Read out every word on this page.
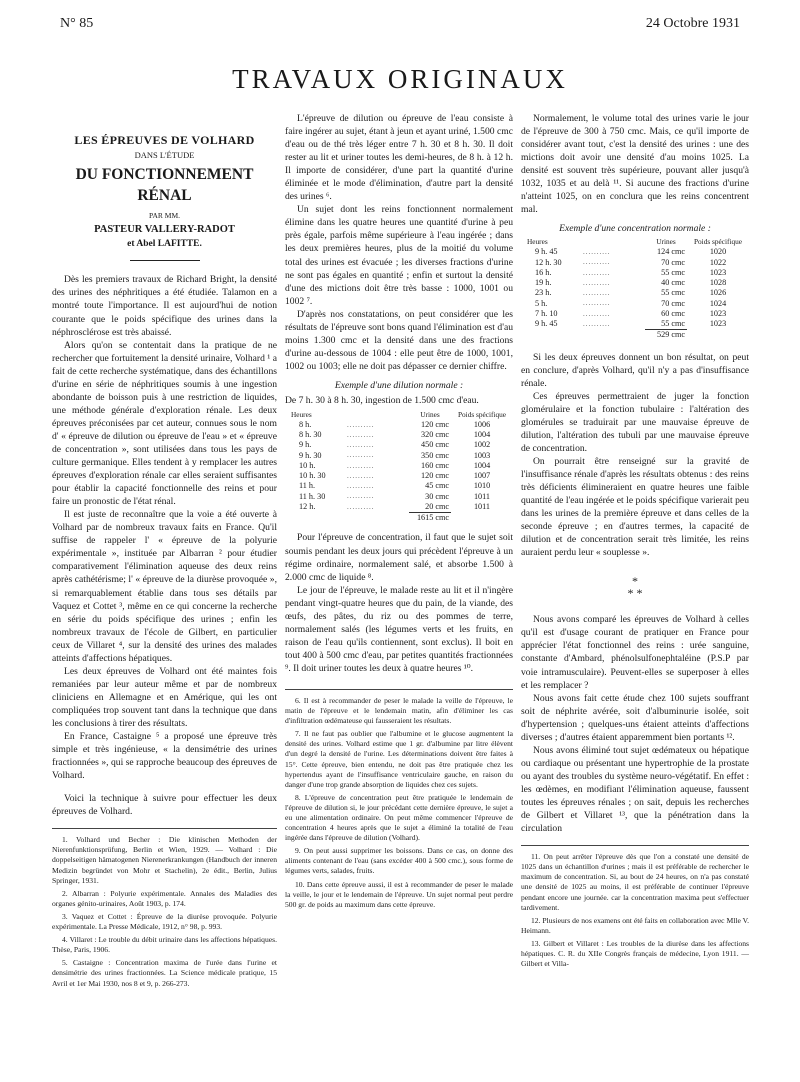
N° 85	24 Octobre 1931
TRAVAUX ORIGINAUX
LES ÉPREUVES DE VOLHARD
DANS L'ÉTUDE
DU FONCTIONNEMENT RÉNAL
PAR MM.
PASTEUR VALLERY-RADOT
et Abel LAFITTE.

Dès les premiers travaux de Richard Bright, la densité des urines des néphritiques a été étudiée. Talamon en a montré toute l'importance. Il est aujourd'hui de notion courante que le poids spécifique des urines dans la néphrosclérose est très abaissé.

Alors qu'on se contentait dans la pratique de ne rechercher que fortuitement la densité urinaire, Volhard ¹ a fait de cette recherche systématique, dans des échantillons d'urine en série de néphritiques soumis à une ingestion abondante de boisson puis à une restriction de liquides, une méthode générale d'exploration rénale. Les deux épreuves préconisées par cet auteur, connues sous le nom d' « épreuve de dilution ou épreuve de l'eau » et « épreuve de concentration », sont utilisées dans tous les pays de culture germanique. Elles tendent à y remplacer les autres épreuves d'exploration rénale car elles seraient suffisantes pour établir la capacité fonctionnelle des reins et pour faire un pronostic de l'état rénal.

Il est juste de reconnaître que la voie a été ouverte à Volhard par de nombreux travaux faits en France. Qu'il suffise de rappeler l' « épreuve de la polyurie expérimentale », instituée par Albarran ² pour étudier comparativement l'élimination aqueuse des deux reins après cathétérisme; l' « épreuve de la diurèse provoquée », si remarquablement établie dans tous ses détails par Vaquez et Cottet ³, même en ce qui concerne la recherche en série du poids spécifique des urines ; enfin les nombreux travaux de l'école de Gilbert, en particulier ceux de Villaret ⁴, sur la densité des urines des malades atteints d'affections hépatiques.

Les deux épreuves de Volhard ont été maintes fois remaniées par leur auteur même et par de nombreux cliniciens en Allemagne et en Amérique, qui les ont compliquées trop souvent tant dans la technique que dans les conclusions à tirer des résultats.

En France, Castaigne ⁵ a proposé une épreuve très simple et très ingénieuse, « la densimétrie des urines fractionnées », qui se rapproche beaucoup des épreuves de Volhard.

Voici la technique à suivre pour effectuer les deux épreuves de Volhard.

1. Volhard und Becher : Die klinischen Methoden der Nierenfunktionsprüfung, Berlin et Wien, 1929. — Volhard : Die doppelseitigen hämatogenen Nierenerkrankungen (Handbuch der inneren Medizin begründet von Mohr et Stachelin), 2e édit., Berlin, Julius Springer, 1931.

2. Albarran : Polyurie expérimentale. Annales des Maladies des organes génito-urinaires, Août 1903, p. 174.

3. Vaquez et Cottet : Épreuve de la diurèse provoquée. Polyurie expérimentale. La Presse Médicale, 1912, n° 98, p. 993.

4. Villaret : Le trouble du débit urinaire dans les affections hépatiques. Thèse, Paris, 1906.

5. Castaigne : Concentration maxima de l'urée dans l'urine et densimétrie des urines fractionnées. La Science médicale pratique, 15 Avril et 1er Mai 1930, nos 8 et 9, p. 266-273.

L'épreuve de dilution ou épreuve de l'eau consiste à faire ingérer au sujet, étant à jeun et ayant uriné, 1.500 cmc d'eau ou de thé très léger entre 7 h. 30 et 8 h. 30. Il doit rester au lit et uriner toutes les demi-heures, de 8 h. à 12 h. Il importe de considérer, d'une part la quantité d'urine éliminée et le mode d'élimination, d'autre part la densité des urines ⁶.

Un sujet dont les reins fonctionnent normalement élimine dans les quatre heures une quantité d'urine à peu près égale, parfois même supérieure à l'eau ingérée ; dans les deux premières heures, plus de la moitié du volume total des urines est évacuée ; les diverses fractions d'urine ne sont pas égales en quantité ; enfin et surtout la densité d'une des mictions doit être très basse : 1000, 1001 ou 1002 ⁷.

D'après nos constatations, on peut considérer que les résultats de l'épreuve sont bons quand l'élimination est d'au moins 1.300 cmc et la densité dans une des fractions d'urine au-dessous de 1004 : elle peut être de 1000, 1001, 1002 ou 1003; elle ne doit pas dépasser ce dernier chiffre.

Exemple d'une dilution normale :
De 7 h. 30 à 8 h. 30, ingestion de 1.500 cmc d'eau.
Heures		Urines	Poids spécifique
8 h.	..........	120 cmc	1006
8 h. 30	..........	320 cmc	1004
9 h.	..........	450 cmc	1002
9 h. 30	..........	350 cmc	1003
10 h.	..........	160 cmc	1004
10 h. 30	..........	120 cmc	1007
11 h.	..........	45 cmc	1010
11 h. 30	..........	30 cmc	1011
12 h.	..........	20 cmc	1011
		1615 cmc	

Pour l'épreuve de concentration, il faut que le sujet soit soumis pendant les deux jours qui précèdent l'épreuve à un régime ordinaire, normalement salé, et absorbe 1.500 à 2.000 cmc de liquide ⁸.

Le jour de l'épreuve, le malade reste au lit et il n'ingère pendant vingt-quatre heures que du pain, de la viande, des œufs, des pâtes, du riz ou des pommes de terre, normalement salés (les légumes verts et les fruits, en raison de l'eau qu'ils contiennent, sont exclus). Il boit en tout 400 à 500 cmc d'eau, par petites quantités fractionnées ⁹. Il doit uriner toutes les deux à quatre heures ¹⁰.

6. Il est à recommander de peser le malade la veille de l'épreuve, le matin de l'épreuve et le lendemain matin, afin d'éliminer les cas d'infiltration œdémateuse qui fausseraient les résultats.

7. Il ne faut pas oublier que l'albumine et le glucose augmentent la densité des urines. Volhard estime que 1 gr. d'albumine par litre élèvent d'un degré la densité de l'urine. Les déterminations doivent être faites à 15°. Cette épreuve, bien entendu, ne doit pas être pratiquée chez les hypertendus ayant de l'insuffisance ventriculaire gauche, en raison du danger d'une trop grande absorption de liquides chez ces sujets.

8. L'épreuve de concentration peut être pratiquée le lendemain de l'épreuve de dilution si, le jour précédant cette dernière épreuve, le sujet a eu une alimentation ordinaire. On peut même commencer l'épreuve de concentration 4 heures après que le sujet a éliminé la totalité de l'eau ingérée dans l'épreuve de dilution (Volhard).

9. On peut aussi supprimer les boissons. Dans ce cas, on donne des aliments contenant de l'eau (sans excéder 400 à 500 cmc.), sous forme de légumes verts, salades, fruits.

10. Dans cette épreuve aussi, il est à recommander de peser le malade la veille, le jour et le lendemain de l'épreuve. Un sujet normal peut perdre 500 gr. de poids au maximum dans cette épreuve.

Normalement, le volume total des urines varie le jour de l'épreuve de 300 à 750 cmc. Mais, ce qu'il importe de considérer avant tout, c'est la densité des urines : une des mictions doit avoir une densité d'au moins 1025. La densité est souvent très supérieure, pouvant aller jusqu'à 1032, 1035 et au delà ¹¹. Si aucune des fractions d'urine n'atteint 1025, on en conclura que les reins concentrent mal.

Exemple d'une concentration normale :
Heures		Urines	Poids spécifique
9 h. 45	..........	124 cmc	1020
12 h. 30	..........	70 cmc	1022
16 h.	..........	55 cmc	1023
19 h.	..........	40 cmc	1028
23 h.	..........	55 cmc	1026
5 h.	..........	70 cmc	1024
7 h. 10	..........	60 cmc	1023
9 h. 45	..........	55 cmc	1023
		529 cmc	

Si les deux épreuves donnent un bon résultat, on peut en conclure, d'après Volhard, qu'il n'y a pas d'insuffisance rénale.

Ces épreuves permettraient de juger la fonction glomérulaire et la fonction tubulaire : l'altération des glomérules se traduirait par une mauvaise épreuve de dilution, l'altération des tubuli par une mauvaise épreuve de concentration.

On pourrait être renseigné sur la gravité de l'insuffisance rénale d'après les résultats obtenus : des reins très déficients élimineraient en quatre heures une faible quantité de l'eau ingérée et le poids spécifique varierait peu dans les urines de la première épreuve et dans celles de la seconde épreuve ; en d'autres termes, la capacité de dilution et de concentration serait très limitée, les reins auraient perdu leur « souplesse ».

*
* *

Nous avons comparé les épreuves de Volhard à celles qu'il est d'usage courant de pratiquer en France pour apprécier l'état fonctionnel des reins : urée sanguine, constante d'Ambard, phénolsulfonephtaléine (P.S.P par voie intramusculaire). Peuvent-elles se superposer à elles et les remplacer ?

Nous avons fait cette étude chez 100 sujets souffrant soit de néphrite avérée, soit d'albuminurie isolée, soit d'hypertension ; quelques-uns étaient atteints d'affections diverses ; d'autres étaient apparemment bien portants ¹².

Nous avons éliminé tout sujet œdémateux ou hépatique ou cardiaque ou présentant une hypertrophie de la prostate ou ayant des troubles du système neuro-végétatif. En effet : les œdèmes, en modifiant l'élimination aqueuse, faussent toutes les épreuves rénales ; on sait, depuis les recherches de Gilbert et Villaret ¹³, que la pénétration dans la circulation

11. On peut arrêter l'épreuve dès que l'on a constaté une densité de 1025 dans un échantillon d'urines ; mais il est préférable de rechercher le maximum de concentration. Si, au bout de 24 heures, on n'a pas constaté une densité de 1025 au moins, il est préférable de continuer l'épreuve pendant encore une journée. car la concentration maxima peut s'effectuer tardivement.

12. Plusieurs de nos examens ont été faits en collaboration avec Mlle V. Heimann.

13. Gilbert et Villaret : Les troubles de la diurèse dans les affections hépatiques. C. R. du XIIe Congrès français de médecine, Lyon 1911. — Gilbert et Villa-
